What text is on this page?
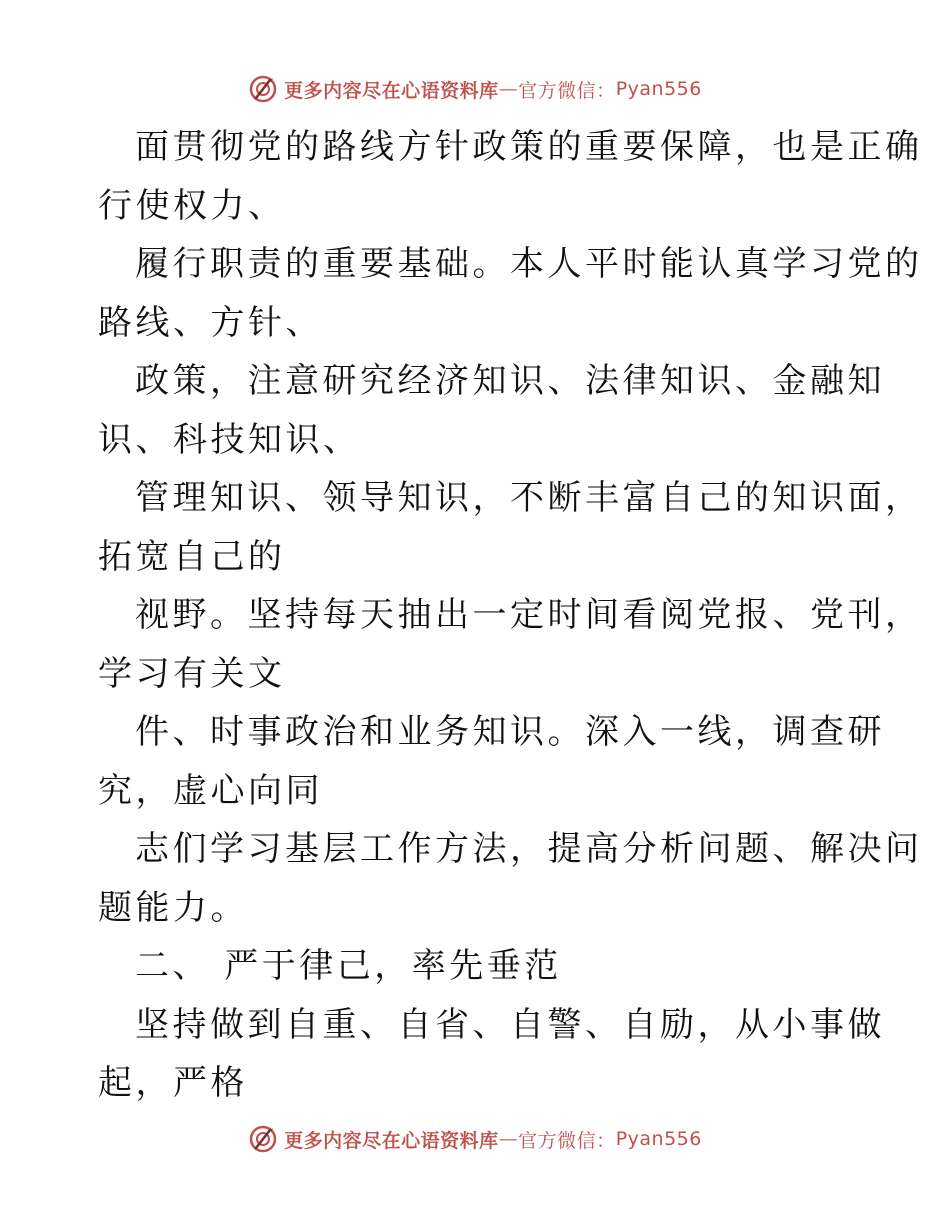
更多内容尽在心语资料库 — 官方微信： Pyan556
面贯彻党的路线方针政策的重要保障，也是正确
行使权力、
履行职责的重要基础。本人平时能认真学习党的
路线、方针、
政策，注意研究经济知识、法律知识、金融知
识、科技知识、
管理知识、领导知识，不断丰富自己的知识面，
拓宽自己的
视野。坚持每天抽出一定时间看阅党报、党刊，
学习有关文
件、时事政治和业务知识。深入一线，调查研
究，虚心向同
志们学习基层工作方法，提高分析问题、解决问
题能力。
二、 严于律己，率先垂范
坚持做到自重、自省、自警、自励，从小事做
起，严格
更多内容尽在心语资料库 — 官方微信： Pyan556
